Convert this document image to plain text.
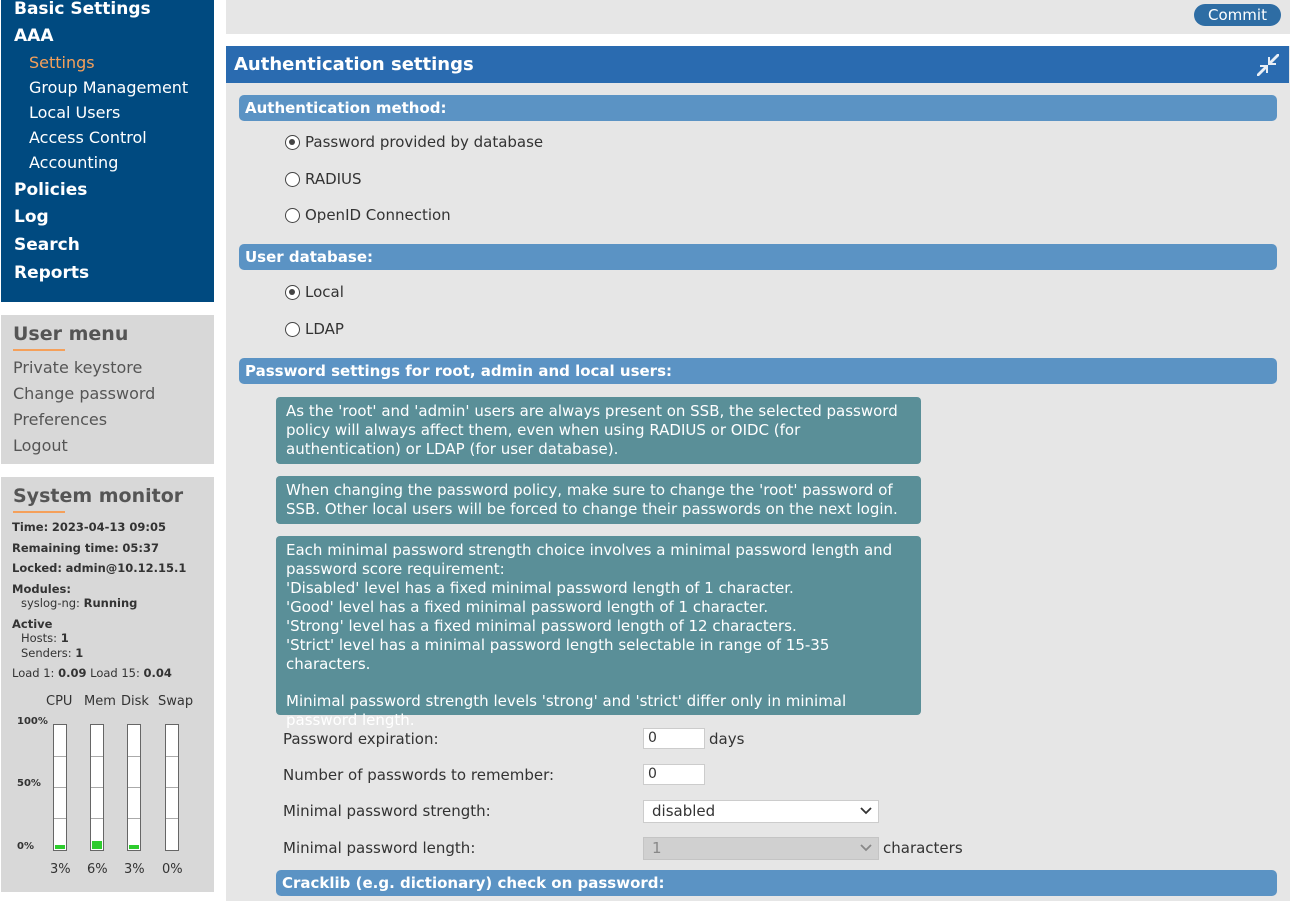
Basic Settings
AAA
Settings
Group Management
Local Users
Access Control
Accounting
Policies
Log
Search
Reports
User menu
Private keystore
Change password
Preferences
Logout
System monitor
Time: 2023-04-13 09:05
Remaining time: 05:37
Locked: admin@10.12.15.1
Modules:
syslog-ng: Running
Active
Hosts: 1
Senders: 1
Load 1: 0.09 Load 15: 0.04
CPU Mem Disk Swap
100%
50%
0%
3% 6% 3% 0%
Commit
Authentication settings
Authentication method:
Password provided by database
RADIUS
OpenID Connection
User database:
Local
LDAP
Password settings for root, admin and local users:
As the 'root' and 'admin' users are always present on SSB, the selected password
policy will always affect them, even when using RADIUS or OIDC (for
authentication) or LDAP (for user database).
When changing the password policy, make sure to change the 'root' password of
SSB. Other local users will be forced to change their passwords on the next login.
Each minimal password strength choice involves a minimal password length and
password score requirement:
'Disabled' level has a fixed minimal password length of 1 character.
'Good' level has a fixed minimal password length of 1 character.
'Strong' level has a fixed minimal password length of 12 characters.
'Strict' level has a minimal password length selectable in range of 15-35 characters.
Minimal password strength levels 'strong' and 'strict' differ only in minimal
password length.
Password expiration:	0	days
Number of passwords to remember:	0
Minimal password strength:	disabled
Minimal password length:	1	characters
Cracklib (e.g. dictionary) check on password:
